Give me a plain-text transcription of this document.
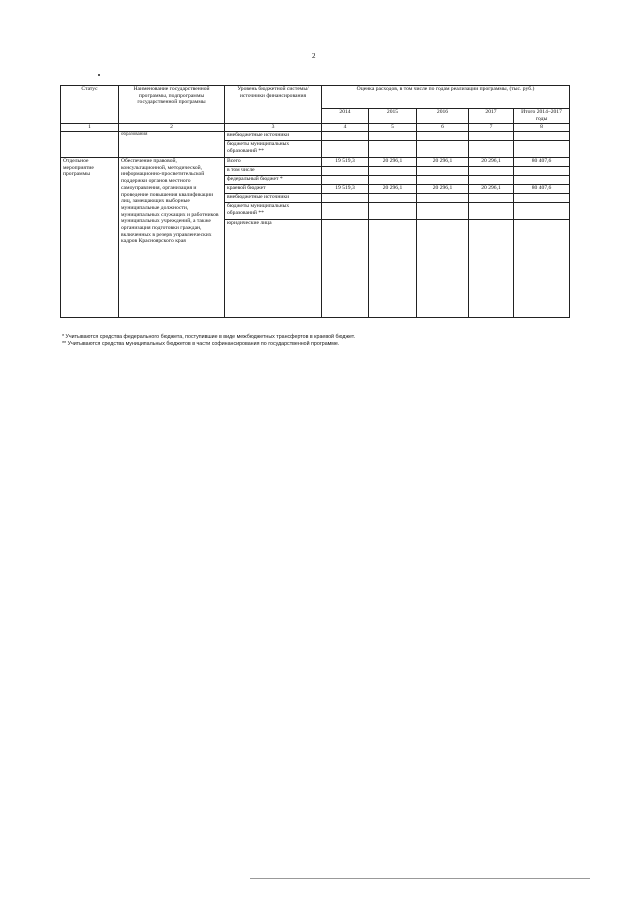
2
Статус	Наименование государственной программы, подпрограммы государственной программы	Уровень бюджетной системы/источники финансирования	Оценка расходов, в том числе по годам реализации программы, (тыс. руб.)				
			2014	2015	2016	2017	Итого 2014–2017 годы
1	2	3	4	5	6	7	8
	образования	внебюджетные источники					
		бюджеты муниципальных образований **					
Отдельное мероприятие программы	Обеспечение правовой, консультационной, методической, информационно-просветительской поддержки органов местного самоуправления, организация и проведение повышения квалификации лиц, замещающих выборные муниципальные должности, муниципальных служащих и работников муниципальных учреждений, а также организация подготовки граждан, включенных в резерв управленческих кадров Красноярского края	Всего	19 519,3	20 296,1	20 296,1	20 296,1	80 407,6
		в том числе					
		федеральный бюджет *					
		краевой бюджет	19 519,3	20 296,1	20 296,1	20 296,1	80 407,6
		внебюджетные источники					
		бюджеты муниципальных образований **					
		юридические лица					
* Учитываются средства федерального бюджета, поступившие в виде межбюджетных трансфертов в краевой бюджет.
** Учитываются средства муниципальных бюджетов в части софинансирования по государственной программе.
